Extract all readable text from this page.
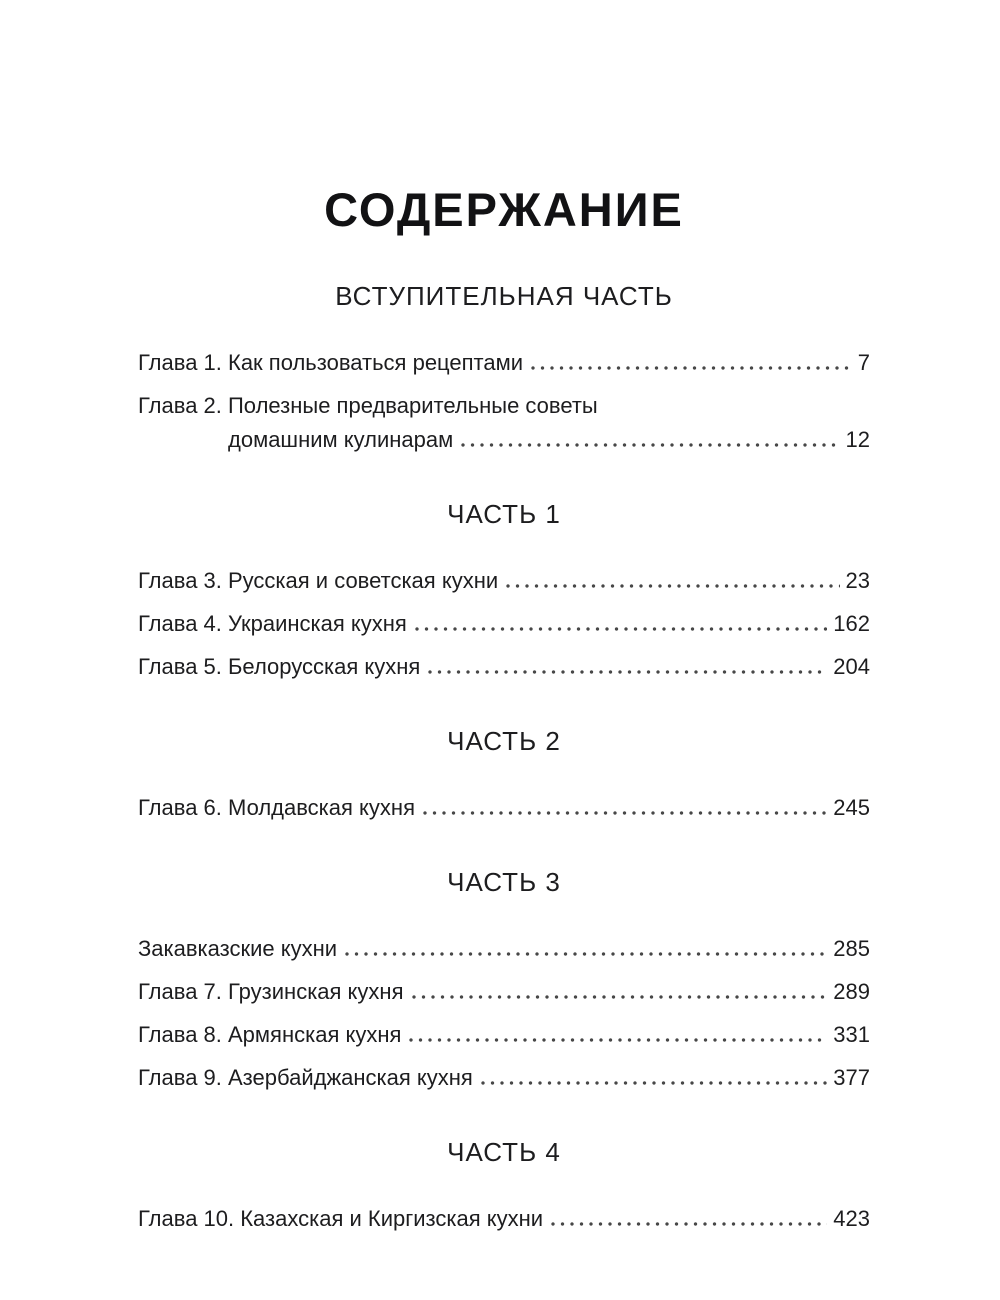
СОДЕРЖАНИЕ
ВСТУПИТЕЛЬНАЯ ЧАСТЬ
Глава 1. Как пользоваться рецептами	7
Глава 2. Полезные предварительные советы
домашним кулинарам	12
ЧАСТЬ 1
Глава 3. Русская и советская кухни	23
Глава 4. Украинская кухня	162
Глава 5. Белорусская кухня	204
ЧАСТЬ 2
Глава 6. Молдавская кухня	245
ЧАСТЬ 3
Закавказские кухни	285
Глава 7. Грузинская кухня	289
Глава 8. Армянская кухня	331
Глава 9. Азербайджанская кухня	377
ЧАСТЬ 4
Глава 10. Казахская и Киргизская кухни	423
